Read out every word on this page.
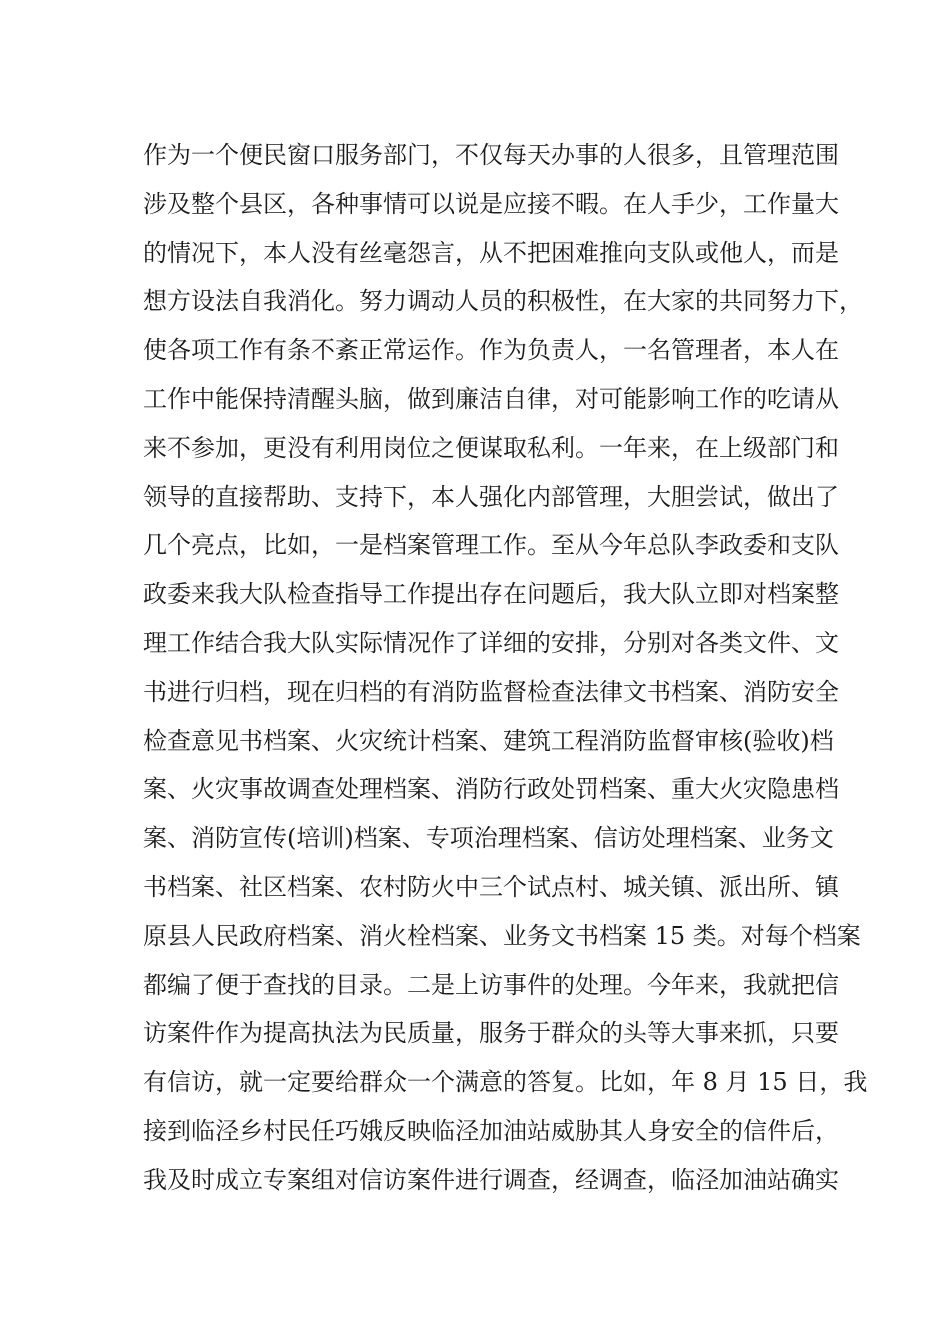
作为一个便民窗口服务部门，不仅每天办事的人很多，且管理范围
涉及整个县区，各种事情可以说是应接不暇。在人手少，工作量大
的情况下，本人没有丝毫怨言，从不把困难推向支队或他人，而是
想方设法自我消化。努力调动人员的积极性，在大家的共同努力下，
使各项工作有条不紊正常运作。作为负责人，一名管理者，本人在
工作中能保持清醒头脑，做到廉洁自律，对可能影响工作的吃请从
来不参加，更没有利用岗位之便谋取私利。一年来，在上级部门和
领导的直接帮助、支持下，本人强化内部管理，大胆尝试，做出了
几个亮点，比如，一是档案管理工作。至从今年总队李政委和支队
政委来我大队检查指导工作提出存在问题后，我大队立即对档案整
理工作结合我大队实际情况作了详细的安排，分别对各类文件、文
书进行归档，现在归档的有消防监督检查法律文书档案、消防安全
检查意见书档案、火灾统计档案、建筑工程消防监督审核(验收)档
案、火灾事故调查处理档案、消防行政处罚档案、重大火灾隐患档
案、消防宣传(培训)档案、专项治理档案、信访处理档案、业务文
书档案、社区档案、农村防火中三个试点村、城关镇、派出所、镇
原县人民政府档案、消火栓档案、业务文书档案 15 类。对每个档案
都编了便于查找的目录。二是上访事件的处理。今年来，我就把信
访案件作为提高执法为民质量，服务于群众的头等大事来抓，只要
有信访，就一定要给群众一个满意的答复。比如，年 8 月 15 日，我
接到临泾乡村民任巧娥反映临泾加油站威胁其人身安全的信件后，
我及时成立专案组对信访案件进行调查，经调查，临泾加油站确实
